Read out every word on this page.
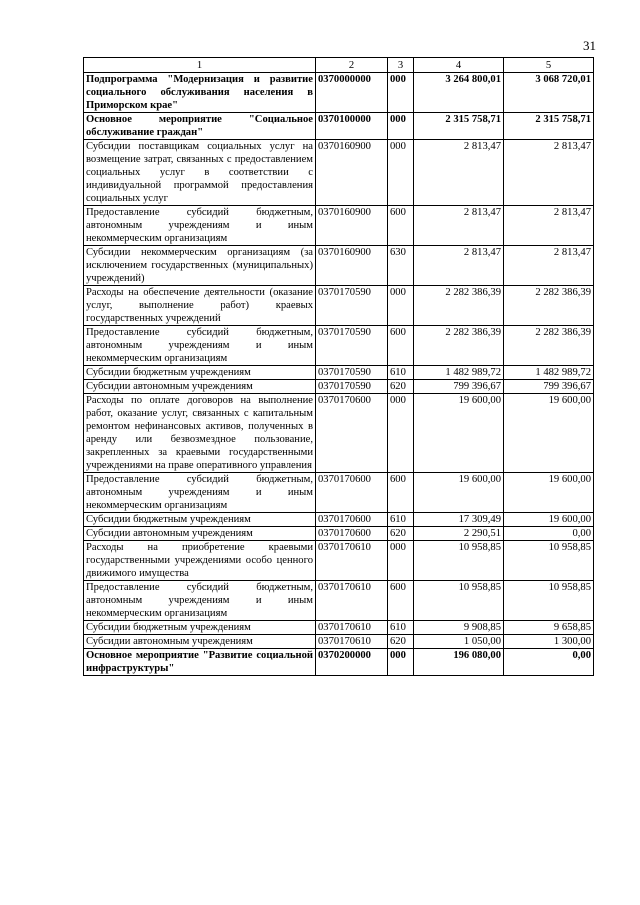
31
1	2	3	4	5
Подпрограмма "Модернизация и развитие социального обслуживания населения в Приморском крае"	0370000000	000	3 264 800,01	3 068 720,01
Основное мероприятие "Социальное обслуживание граждан"	0370100000	000	2 315 758,71	2 315 758,71
Субсидии поставщикам социальных услуг на возмещение затрат, связанных с предоставлением социальных услуг в соответствии с индивидуальной программой предоставления социальных услуг	0370160900	000	2 813,47	2 813,47
Предоставление субсидий бюджетным, автономным учреждениям и иным некоммерческим организациям	0370160900	600	2 813,47	2 813,47
Субсидии некоммерческим организациям (за исключением государственных (муниципальных) учреждений)	0370160900	630	2 813,47	2 813,47
Расходы на обеспечение деятельности (оказание услуг, выполнение работ) краевых государственных учреждений	0370170590	000	2 282 386,39	2 282 386,39
Предоставление субсидий бюджетным, автономным учреждениям и иным некоммерческим организациям	0370170590	600	2 282 386,39	2 282 386,39
Субсидии бюджетным учреждениям	0370170590	610	1 482 989,72	1 482 989,72
Субсидии автономным учреждениям	0370170590	620	799 396,67	799 396,67
Расходы по оплате договоров на выполнение работ, оказание услуг, связанных с капитальным ремонтом нефинансовых активов, полученных в аренду или безвозмездное пользование, закрепленных за краевыми государственными учреждениями на праве оперативного управления	0370170600	000	19 600,00	19 600,00
Предоставление субсидий бюджетным, автономным учреждениям и иным некоммерческим организациям	0370170600	600	19 600,00	19 600,00
Субсидии бюджетным учреждениям	0370170600	610	17 309,49	19 600,00
Субсидии автономным учреждениям	0370170600	620	2 290,51	0,00
Расходы на приобретение краевыми государственными учреждениями особо ценного движимого имущества	0370170610	000	10 958,85	10 958,85
Предоставление субсидий бюджетным, автономным учреждениям и иным некоммерческим организациям	0370170610	600	10 958,85	10 958,85
Субсидии бюджетным учреждениям	0370170610	610	9 908,85	9 658,85
Субсидии автономным учреждениям	0370170610	620	1 050,00	1 300,00
Основное мероприятие "Развитие социальной инфраструктуры"	0370200000	000	196 080,00	0,00
